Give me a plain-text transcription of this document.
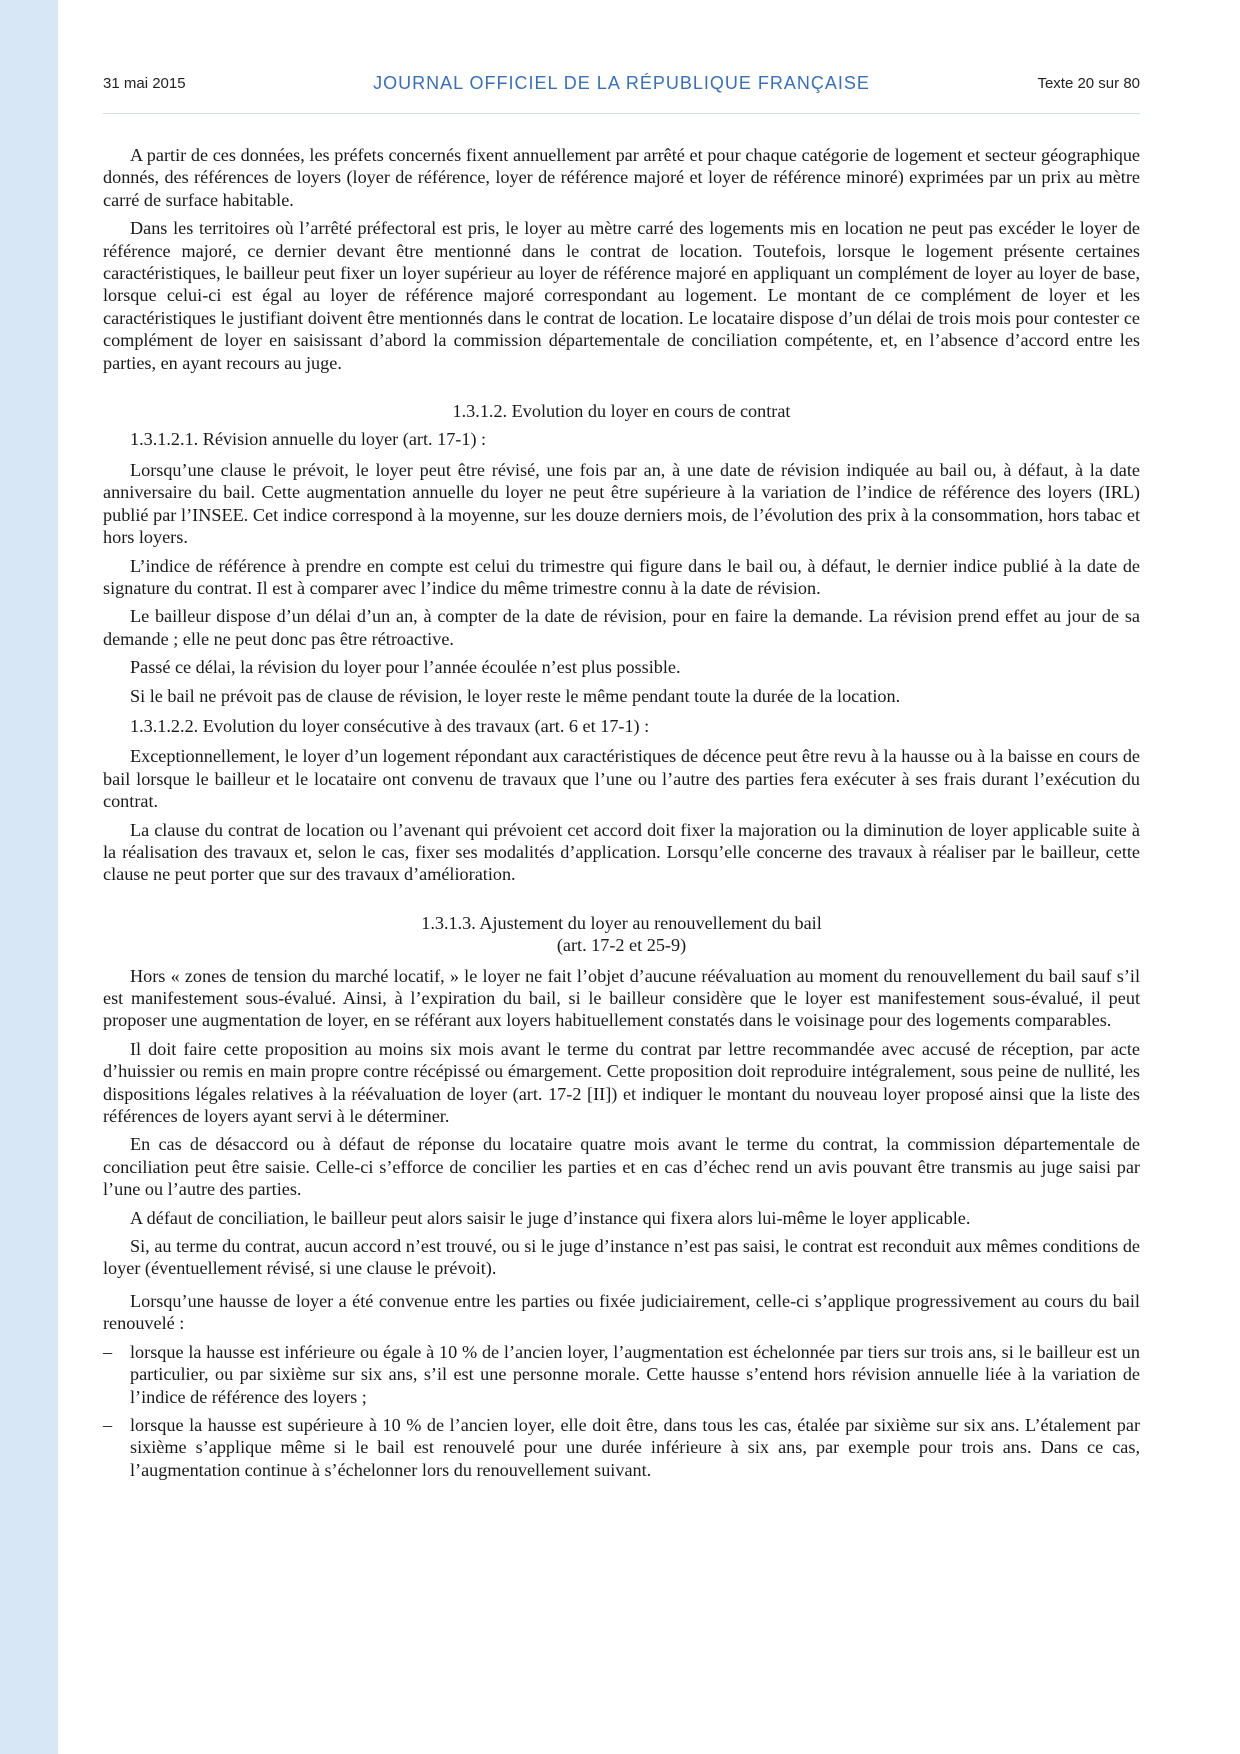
31 mai 2015	JOURNAL OFFICIEL DE LA RÉPUBLIQUE FRANÇAISE	Texte 20 sur 80

A partir de ces données, les préfets concernés fixent annuellement par arrêté et pour chaque catégorie de logement et secteur géographique donnés, des références de loyers (loyer de référence, loyer de référence majoré et loyer de référence minoré) exprimées par un prix au mètre carré de surface habitable.

Dans les territoires où l’arrêté préfectoral est pris, le loyer au mètre carré des logements mis en location ne peut pas excéder le loyer de référence majoré, ce dernier devant être mentionné dans le contrat de location. Toutefois, lorsque le logement présente certaines caractéristiques, le bailleur peut fixer un loyer supérieur au loyer de référence majoré en appliquant un complément de loyer au loyer de base, lorsque celui-ci est égal au loyer de référence majoré correspondant au logement. Le montant de ce complément de loyer et les caractéristiques le justifiant doivent être mentionnés dans le contrat de location. Le locataire dispose d’un délai de trois mois pour contester ce complément de loyer en saisissant d’abord la commission départementale de conciliation compétente, et, en l’absence d’accord entre les parties, en ayant recours au juge.

1.3.1.2. Evolution du loyer en cours de contrat

1.3.1.2.1. Révision annuelle du loyer (art. 17-1) :

Lorsqu’une clause le prévoit, le loyer peut être révisé, une fois par an, à une date de révision indiquée au bail ou, à défaut, à la date anniversaire du bail. Cette augmentation annuelle du loyer ne peut être supérieure à la variation de l’indice de référence des loyers (IRL) publié par l’INSEE. Cet indice correspond à la moyenne, sur les douze derniers mois, de l’évolution des prix à la consommation, hors tabac et hors loyers.

L’indice de référence à prendre en compte est celui du trimestre qui figure dans le bail ou, à défaut, le dernier indice publié à la date de signature du contrat. Il est à comparer avec l’indice du même trimestre connu à la date de révision.

Le bailleur dispose d’un délai d’un an, à compter de la date de révision, pour en faire la demande. La révision prend effet au jour de sa demande ; elle ne peut donc pas être rétroactive.

Passé ce délai, la révision du loyer pour l’année écoulée n’est plus possible.

Si le bail ne prévoit pas de clause de révision, le loyer reste le même pendant toute la durée de la location.

1.3.1.2.2. Evolution du loyer consécutive à des travaux (art. 6 et 17-1) :

Exceptionnellement, le loyer d’un logement répondant aux caractéristiques de décence peut être revu à la hausse ou à la baisse en cours de bail lorsque le bailleur et le locataire ont convenu de travaux que l’une ou l’autre des parties fera exécuter à ses frais durant l’exécution du contrat.

La clause du contrat de location ou l’avenant qui prévoient cet accord doit fixer la majoration ou la diminution de loyer applicable suite à la réalisation des travaux et, selon le cas, fixer ses modalités d’application. Lorsqu’elle concerne des travaux à réaliser par le bailleur, cette clause ne peut porter que sur des travaux d’amélioration.

1.3.1.3. Ajustement du loyer au renouvellement du bail
(art. 17-2 et 25-9)

Hors « zones de tension du marché locatif, » le loyer ne fait l’objet d’aucune réévaluation au moment du renouvellement du bail sauf s’il est manifestement sous-évalué. Ainsi, à l’expiration du bail, si le bailleur considère que le loyer est manifestement sous-évalué, il peut proposer une augmentation de loyer, en se référant aux loyers habituellement constatés dans le voisinage pour des logements comparables.

Il doit faire cette proposition au moins six mois avant le terme du contrat par lettre recommandée avec accusé de réception, par acte d’huissier ou remis en main propre contre récépissé ou émargement. Cette proposition doit reproduire intégralement, sous peine de nullité, les dispositions légales relatives à la réévaluation de loyer (art. 17-2 [II]) et indiquer le montant du nouveau loyer proposé ainsi que la liste des références de loyers ayant servi à le déterminer.

En cas de désaccord ou à défaut de réponse du locataire quatre mois avant le terme du contrat, la commission départementale de conciliation peut être saisie. Celle-ci s’efforce de concilier les parties et en cas d’échec rend un avis pouvant être transmis au juge saisi par l’une ou l’autre des parties.

A défaut de conciliation, le bailleur peut alors saisir le juge d’instance qui fixera alors lui-même le loyer applicable.

Si, au terme du contrat, aucun accord n’est trouvé, ou si le juge d’instance n’est pas saisi, le contrat est reconduit aux mêmes conditions de loyer (éventuellement révisé, si une clause le prévoit).

Lorsqu’une hausse de loyer a été convenue entre les parties ou fixée judiciairement, celle-ci s’applique progressivement au cours du bail renouvelé :

– lorsque la hausse est inférieure ou égale à 10 % de l’ancien loyer, l’augmentation est échelonnée par tiers sur trois ans, si le bailleur est un particulier, ou par sixième sur six ans, s’il est une personne morale. Cette hausse s’entend hors révision annuelle liée à la variation de l’indice de référence des loyers ;
– lorsque la hausse est supérieure à 10 % de l’ancien loyer, elle doit être, dans tous les cas, étalée par sixième sur six ans. L’étalement par sixième s’applique même si le bail est renouvelé pour une durée inférieure à six ans, par exemple pour trois ans. Dans ce cas, l’augmentation continue à s’échelonner lors du renouvellement suivant.
